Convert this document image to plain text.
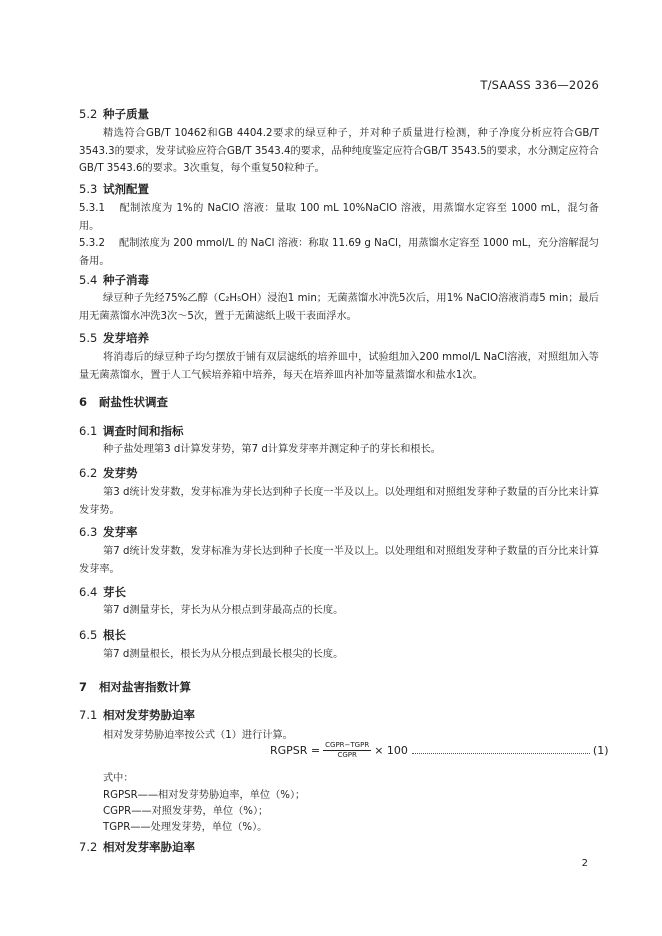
T/SAASS 336—2026
5.2 种子质量
精选符合GB/T 10462和GB 4404.2要求的绿豆种子，并对种子质量进行检测，种子净度分析应符合GB/T 3543.3的要求，发芽试验应符合GB/T 3543.4的要求，品种纯度鉴定应符合GB/T 3543.5的要求，水分测定应符合GB/T 3543.6的要求。3次重复，每个重复50粒种子。
5.3 试剂配置
5.3.1 配制浓度为 1%的 NaClO 溶液：量取 100 mL 10%NaClO 溶液，用蒸馏水定容至 1000 mL，混匀备用。
5.3.2 配制浓度为 200 mmol/L 的 NaCl 溶液：称取 11.69 g NaCl，用蒸馏水定容至 1000 mL，充分溶解混匀备用。
5.4 种子消毒
绿豆种子先经75%乙醇（C₂H₅OH）浸泡1 min；无菌蒸馏水冲洗5次后，用1% NaClO溶液消毒5 min；最后用无菌蒸馏水冲洗3次～5次，置于无菌滤纸上吸干表面浮水。
5.5 发芽培养
将消毒后的绿豆种子均匀摆放于铺有双层滤纸的培养皿中，试验组加入200 mmol/L NaCl溶液，对照组加入等量无菌蒸馏水，置于人工气候培养箱中培养，每天在培养皿内补加等量蒸馏水和盐水1次。
6 耐盐性状调查
6.1 调查时间和指标
种子盐处理第3 d计算发芽势，第7 d计算发芽率并测定种子的芽长和根长。
6.2 发芽势
第3 d统计发芽数，发芽标准为芽长达到种子长度一半及以上。以处理组和对照组发芽种子数量的百分比来计算发芽势。
6.3 发芽率
第7 d统计发芽数，发芽标准为芽长达到种子长度一半及以上。以处理组和对照组发芽种子数量的百分比来计算发芽率。
6.4 芽长
第7 d测量芽长，芽长为从分根点到芽最高点的长度。
6.5 根长
第7 d测量根长，根长为从分根点到最长根尖的长度。
7 相对盐害指数计算
7.1 相对发芽势胁迫率
相对发芽势胁迫率按公式（1）进行计算。
RGPSR = $\frac{\text{CGPR−TGPR}}{\text{CGPR}} \times 100$	(1)
式中：
RGPSR——相对发芽势胁迫率，单位（%）；
CGPR——对照发芽势，单位（%）；
TGPR——处理发芽势，单位（%）。
7.2 相对发芽率胁迫率
2
